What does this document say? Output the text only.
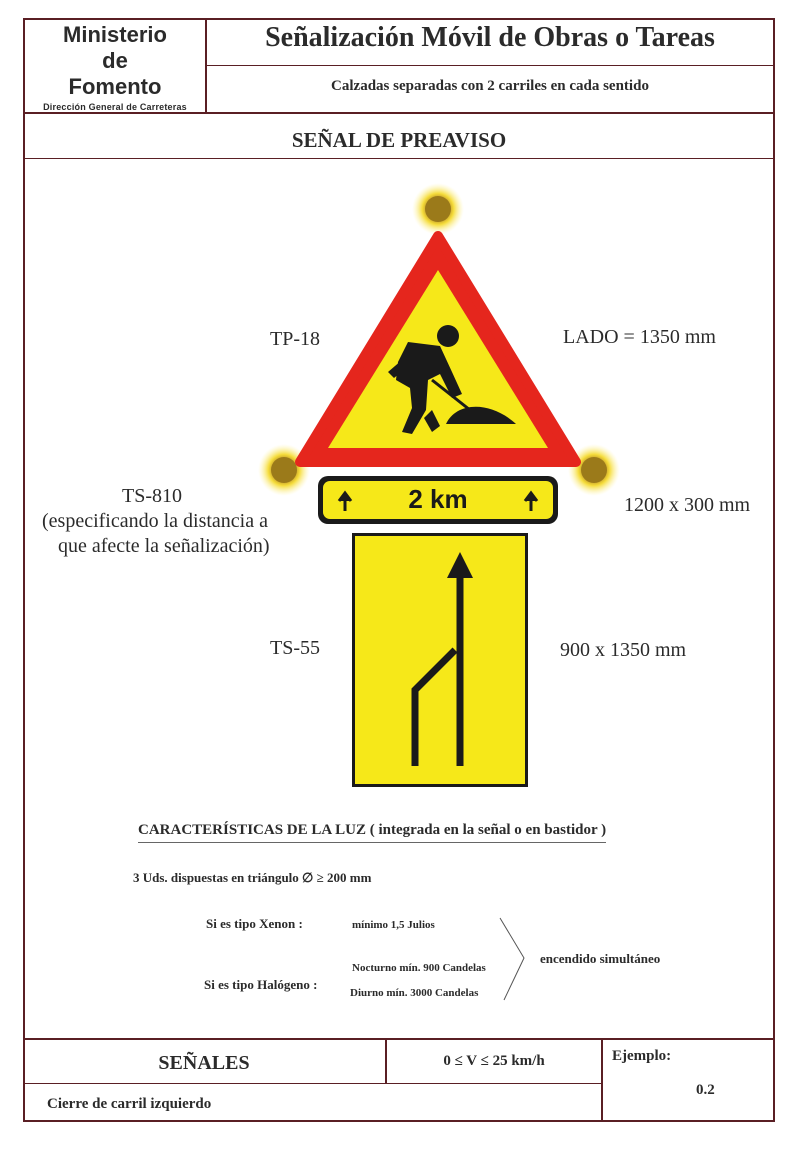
Ministerio
de
Fomento
Dirección General de Carreteras
Señalización Móvil de Obras o Tareas
Calzadas separadas con 2 carriles en cada sentido
SEÑAL DE PREAVISO
2 km
TP-18	LADO = 1350 mm
TS-810
(especificando la distancia a
que afecte la señalización)
1200 x 300 mm
TS-55	900 x 1350 mm
CARACTERÍSTICAS DE LA LUZ ( integrada en la señal o en bastidor )
3 Uds. dispuestas en triángulo ∅ ≥ 200 mm
Si es tipo Xenon :	mínimo 1,5 Julios
Si es tipo Halógeno :
Nocturno mín. 900 Candelas
Diurno mín. 3000 Candelas
encendido simultáneo
SEÑALES	0 ≤ V ≤ 25 km/h	Ejemplo:
0.2
Cierre de carril izquierdo
